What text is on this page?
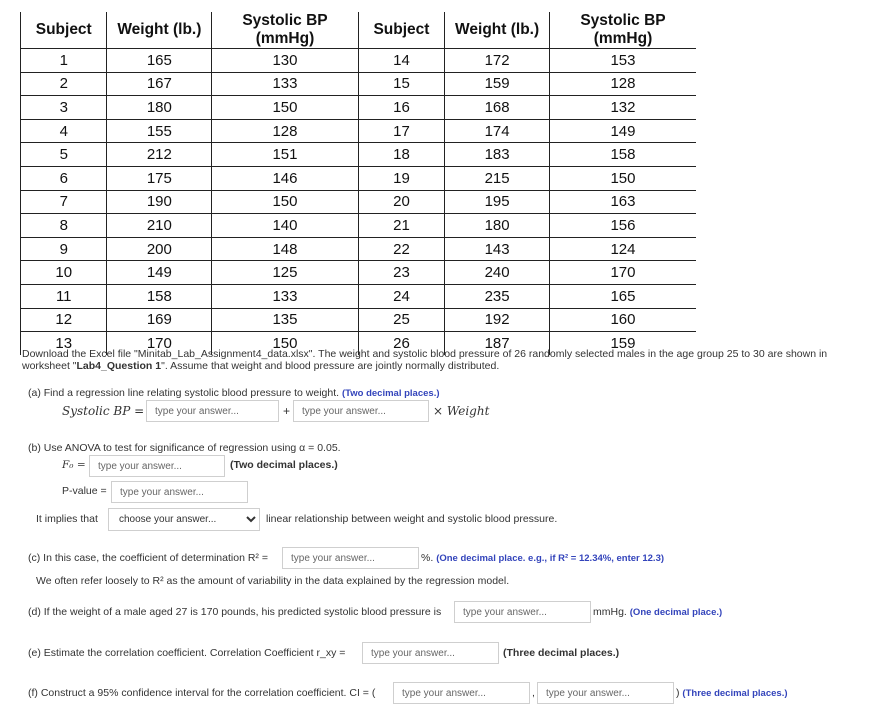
Subject	Weight (lb.)	Systolic BP (mmHg)	Subject	Weight (lb.)	Systolic BP (mmHg)
1	165	130	14	172	153
2	167	133	15	159	128
3	180	150	16	168	132
4	155	128	17	174	149
5	212	151	18	183	158
6	175	146	19	215	150
7	190	150	20	195	163
8	210	140	21	180	156
9	200	148	22	143	124
10	149	125	23	240	170
11	158	133	24	235	165
12	169	135	25	192	160
13	170	150	26	187	159
Download the Excel file "Minitab_Lab_Assignment4_data.xlsx". The weight and systolic blood pressure of 26 randomly selected males in the age group 25 to 30 are shown in
worksheet "Lab4_Question 1". Assume that weight and blood pressure are jointly normally distributed.
(a) Find a regression line relating systolic blood pressure to weight. (Two decimal places.)
Systolic BP =
type your answer...	+
type your answer...	× Weight
(b) Use ANOVA to test for significance of regression using α = 0.05.
F₀ =
type your answer...	(Two decimal places.)
P-value =
type your answer...
It implies that
choose your answer...	linear relationship between weight and systolic blood pressure.
(c) In this case, the coefficient of determination R² =
type your answer...	%. (One decimal place. e.g., if R² = 12.34%, enter 12.3)
We often refer loosely to R² as the amount of variability in the data explained by the regression model.
(d) If the weight of a male aged 27 is 170 pounds, his predicted systolic blood pressure is
type your answer...	mmHg. (One decimal place.)
(e) Estimate the correlation coefficient. Correlation Coefficient r_xy =
type your answer...	(Three decimal places.)
(f) Construct a 95% confidence interval for the correlation coefficient. CI = (
type your answer...	,
type your answer...	) (Three decimal places.)
